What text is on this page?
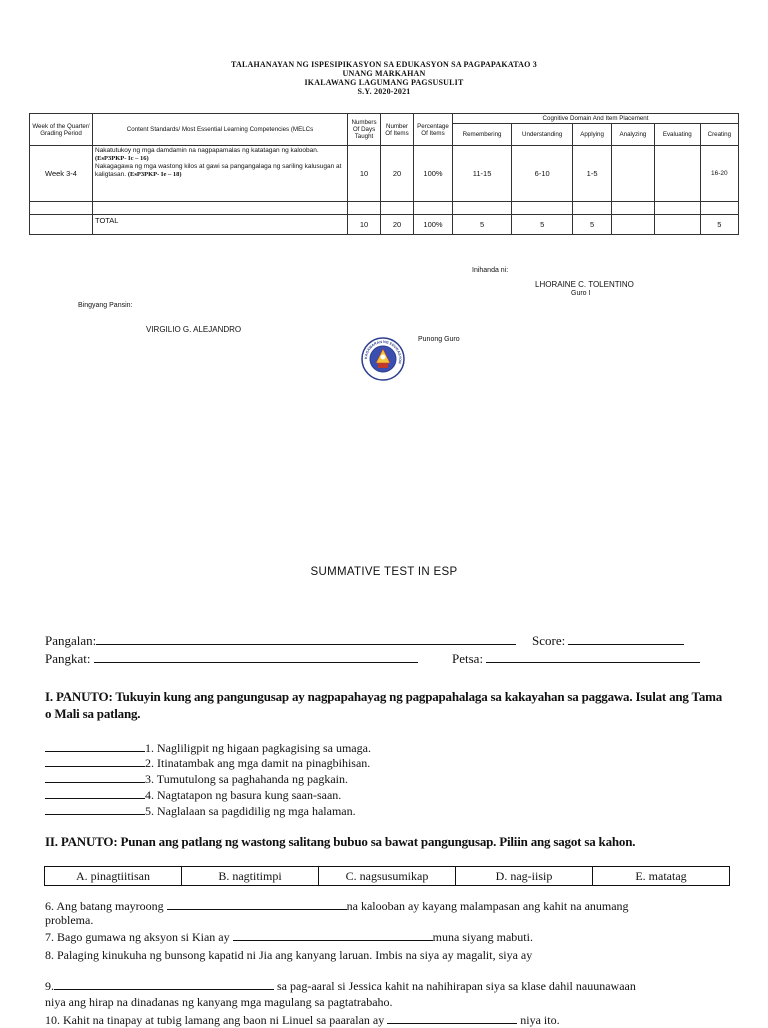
TALAHANAYAN NG ISPESIPIKASYON SA EDUKASYON SA PAGPAPAKATAO 3
UNANG MARKAHAN
IKALAWANG LAGUMANG PAGSUSULIT
S.Y. 2020-2021
Week of the Quarter/ Grading Period	Content Standards/ Most Essential Learning Competencies (MELCs	Numbers Of Days Taught	Number Of Items	Percentage Of Items	Cognitive Domain And Item Placement					
					Remembering	Understanding	Applying	Analyzing	Evaluating	Creating
Week 3-4	Nakatutukoy ng mga damdamin na nagpapamalas ng katatagan ng kalooban. (EsP3PKP- Ic – 16)
Nakagagawa ng mga wastong kilos at gawi sa pangangalaga ng sariling kalusugan at kaligtasan. (EsP3PKP- Ie – 18)	10	20	100%	11-15	6-10	1-5			16-20

	TOTAL	10	20	100%	5	5	5			5
Inihanda ni:
LHORAINE C. TOLENTINO
Guro I
Bingyang Pansin:
VIRGILIO G. ALEJANDRO
Punong Guro
KAGAWARAN NG EDUKASYON
SUMMATIVE TEST IN ESP
Pangalan:	Score:
Pangkat:	Petsa:
I. PANUTO: Tukuyin kung ang pangungusap ay nagpapahayag ng pagpapahalaga sa kakayahan sa paggawa. Isulat ang Tama o Mali sa patlang.
1. Nagliligpit ng higaan pagkagising sa umaga.
2. Itinatambak ang mga damit na pinagbihisan.
3. Tumutulong sa paghahanda ng pagkain.
4. Nagtatapon ng basura kung saan-saan.
5. Naglalaan sa pagdidilig ng mga halaman.
II. PANUTO: Punan ang patlang ng wastong salitang bubuo sa bawat pangungusap. Piliin ang sagot sa kahon.
A. pinagtiitisan	B. nagtitimpi	C. nagsusumikap	D. nag-iisip	E. matatag
6. Ang batang mayroong	na kalooban ay kayang malampasan ang kahit na anumang
problema.
7. Bago gumawa ng aksyon si Kian ay	muna siyang mabuti.
8. Palaging kinukuha ng bunsong kapatid ni Jia ang kanyang laruan. Imbis na siya ay magalit, siya ay
9.	sa pag-aaral si Jessica kahit na nahihirapan siya sa klase dahil nauunawaan
niya ang hirap na dinadanas ng kanyang mga magulang sa pagtatrabaho.
10. Kahit na tinapay at tubig lamang ang baon ni Linuel sa paaralan ay	niya ito.
